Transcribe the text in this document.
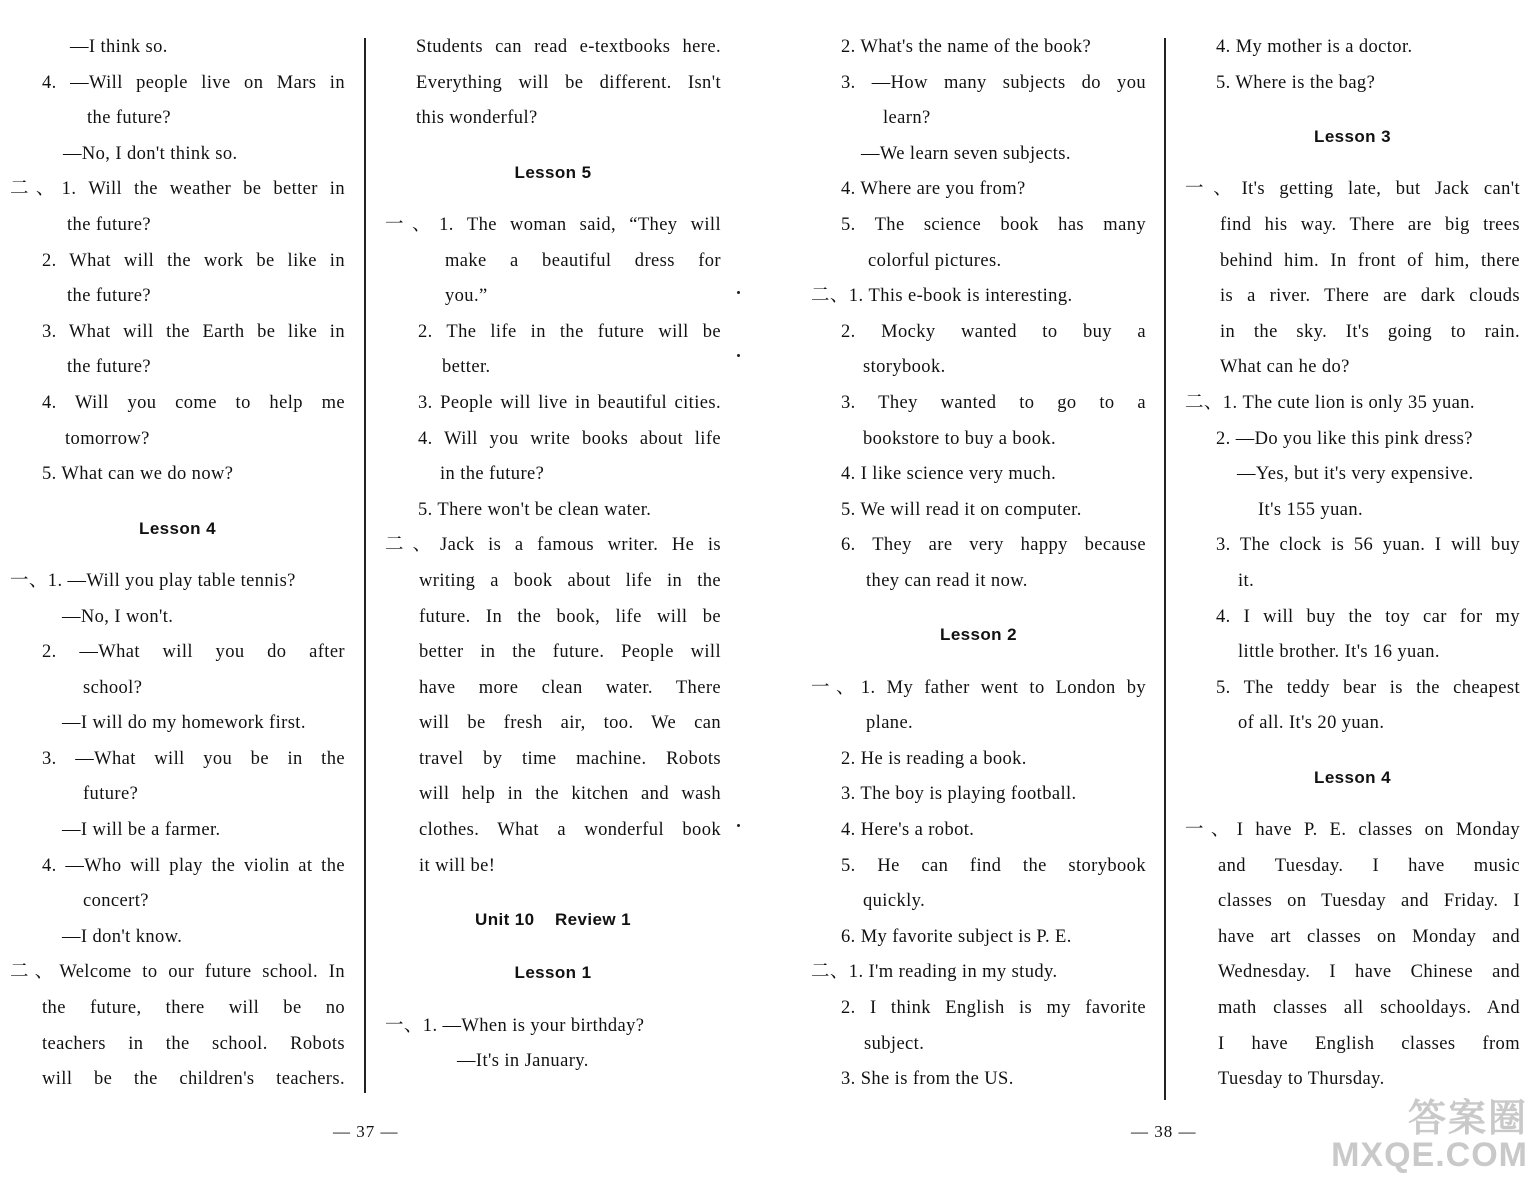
—I think so.
4. —Will people live on Mars in
the future?
—No, I don't think so.
二、1. Will the weather be better in
the future?
2. What will the work be like in
the future?
3. What will the Earth be like in
the future?
4. Will you come to help me
tomorrow?
5. What can we do now?
Lesson 4
一、1. —Will you play table tennis?
—No, I won't.
2. —What will you do after
school?
—I will do my homework first.
3. —What will you be in the
future?
—I will be a farmer.
4. —Who will play the violin at the
concert?
—I don't know.
二、Welcome to our future school. In
the future, there will be no
teachers in the school. Robots
will be the children's teachers.
Students can read e-textbooks here.
Everything will be different. Isn't
this wonderful?
Lesson 5
一、1. The woman said, “They will
make a beautiful dress for
you.”
2. The life in the future will be
better.
3. People will live in beautiful cities.
4. Will you write books about life
in the future?
5. There won't be clean water.
二、Jack is a famous writer. He is
writing a book about life in the
future. In the book, life will be
better in the future. People will
have more clean water. There
will be fresh air, too. We can
travel by time machine. Robots
will help in the kitchen and wash
clothes. What a wonderful book
it will be!
Unit 10    Review 1
Lesson 1
一、1. —When is your birthday?
—It's in January.
2. What's the name of the book?
3. —How many subjects do you
learn?
—We learn seven subjects.
4. Where are you from?
5. The science book has many
colorful pictures.
二、1. This e-book is interesting.
2. Mocky wanted to buy a
storybook.
3. They wanted to go to a
bookstore to buy a book.
4. I like science very much.
5. We will read it on computer.
6. They are very happy because
they can read it now.
Lesson 2
一、1. My father went to London by
plane.
2. He is reading a book.
3. The boy is playing football.
4. Here's a robot.
5. He can find the storybook
quickly.
6. My favorite subject is P. E.
二、1. I'm reading in my study.
2. I think English is my favorite
subject.
3. She is from the US.
4. My mother is a doctor.
5. Where is the bag?
Lesson 3
一、It's getting late, but Jack can't
find his way. There are big trees
behind him. In front of him, there
is a river. There are dark clouds
in the sky. It's going to rain.
What can he do?
二、1. The cute lion is only 35 yuan.
2. —Do you like this pink dress?
—Yes, but it's very expensive.
It's 155 yuan.
3. The clock is 56 yuan. I will buy
it.
4. I will buy the toy car for my
little brother. It's 16 yuan.
5. The teddy bear is the cheapest
of all. It's 20 yuan.
Lesson 4
一、I have P. E. classes on Monday
and Tuesday. I have music
classes on Tuesday and Friday. I
have art classes on Monday and
Wednesday. I have Chinese and
math classes all schooldays. And
I have English classes from
Tuesday to Thursday.
— 37 —	— 38 —	答案圈
MXQE.COM
